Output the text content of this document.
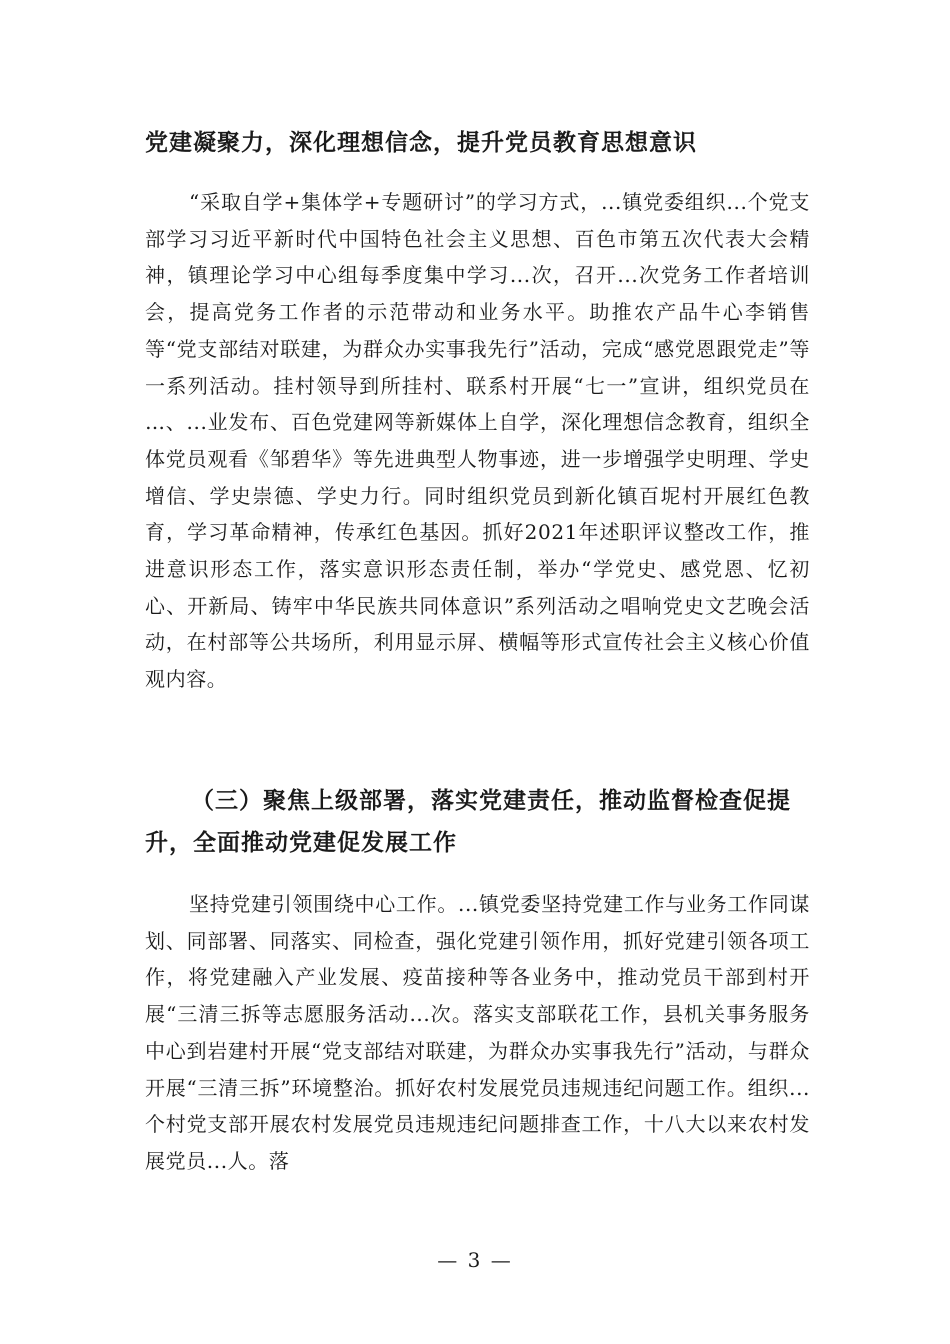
党建凝聚力，深化理想信念，提升党员教育思想意识

“采取自学+集体学+专题研讨”的学习方式，...镇党委组织...个党支部学习习近平新时代中国特色社会主义思想、百色市第五次代表大会精神，镇理论学习中心组每季度集中学习...次，召开...次党务工作者培训会，提高党务工作者的示范带动和业务水平。助推农产品牛心李销售等“党支部结对联建，为群众办实事我先行”活动，完成“感党恩跟党走”等一系列活动。挂村领导到所挂村、联系村开展“七一”宣讲，组织党员在 …、...业发布、百色党建网等新媒体上自学，深化理想信念教育，组织全体党员观看《邹碧华》等先进典型人物事迹，进一步增强学史明理、学史增信、学史崇德、学史力行。同时组织党员到新化镇百坭村开展红色教育，学习革命精神，传承红色基因。抓好2021年述职评议整改工作，推进意识形态工作，落实意识形态责任制，举办“学党史、感党恩、忆初心、开新局、铸牢中华民族共同体意识”系列活动之唱响党史文艺晚会活动，在村部等公共场所，利用显示屏、横幅等形式宣传社会主义核心价值观内容。

（三）聚焦上级部署，落实党建责任，推动监督检查促提升，全面推动党建促发展工作

坚持党建引领围绕中心工作。...镇党委坚持党建工作与业务工作同谋划、同部署、同落实、同检查，强化党建引领作用，抓好党建引领各项工作，将党建融入产业发展、疫苗接种等各业务中，推动党员干部到村开展“三清三拆等志愿服务活动...次。落实支部联花工作，县机关事务服务中心到岩建村开展“党支部结对联建，为群众办实事我先行”活动，与群众开展“三清三拆”环境整治。抓好农村发展党员违规违纪问题工作。组织...个村党支部开展农村发展党员违规违纪问题排查工作，十八大以来农村发展党员...人。落

— 3 —
